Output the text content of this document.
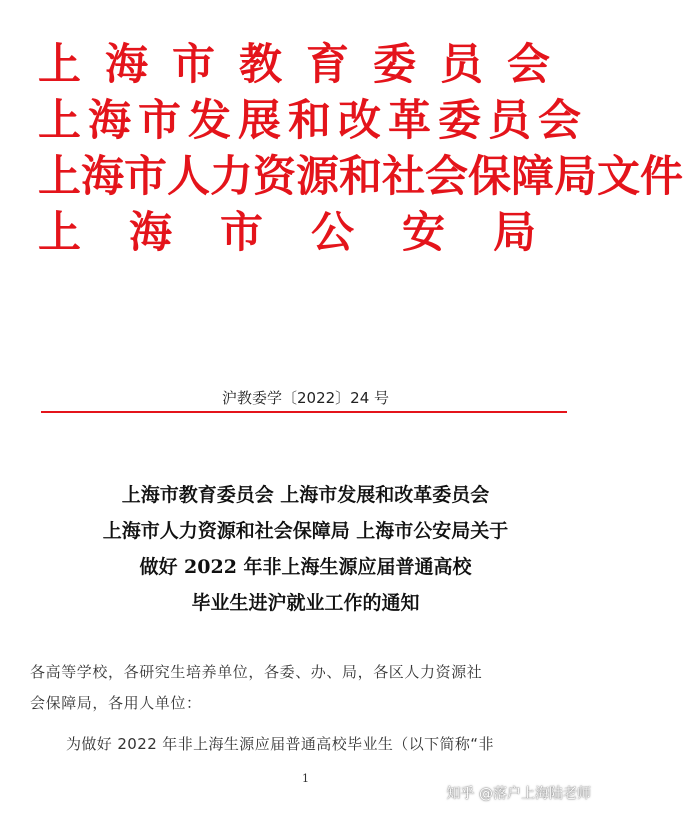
上海市教育委员会
上海市发展和改革委员会
上海市人力资源和社会保障局文件
上海市公安局
沪教委学〔2022〕24 号
上海市教育委员会 上海市发展和改革委员会
上海市人力资源和社会保障局 上海市公安局关于
做好 2022 年非上海生源应届普通高校
毕业生进沪就业工作的通知
各高等学校，各研究生培养单位，各委、办、局，各区人力资源社
会保障局，各用人单位：
为做好 2022 年非上海生源应届普通高校毕业生（以下简称“非
1
知乎 @落户上海陆老师
